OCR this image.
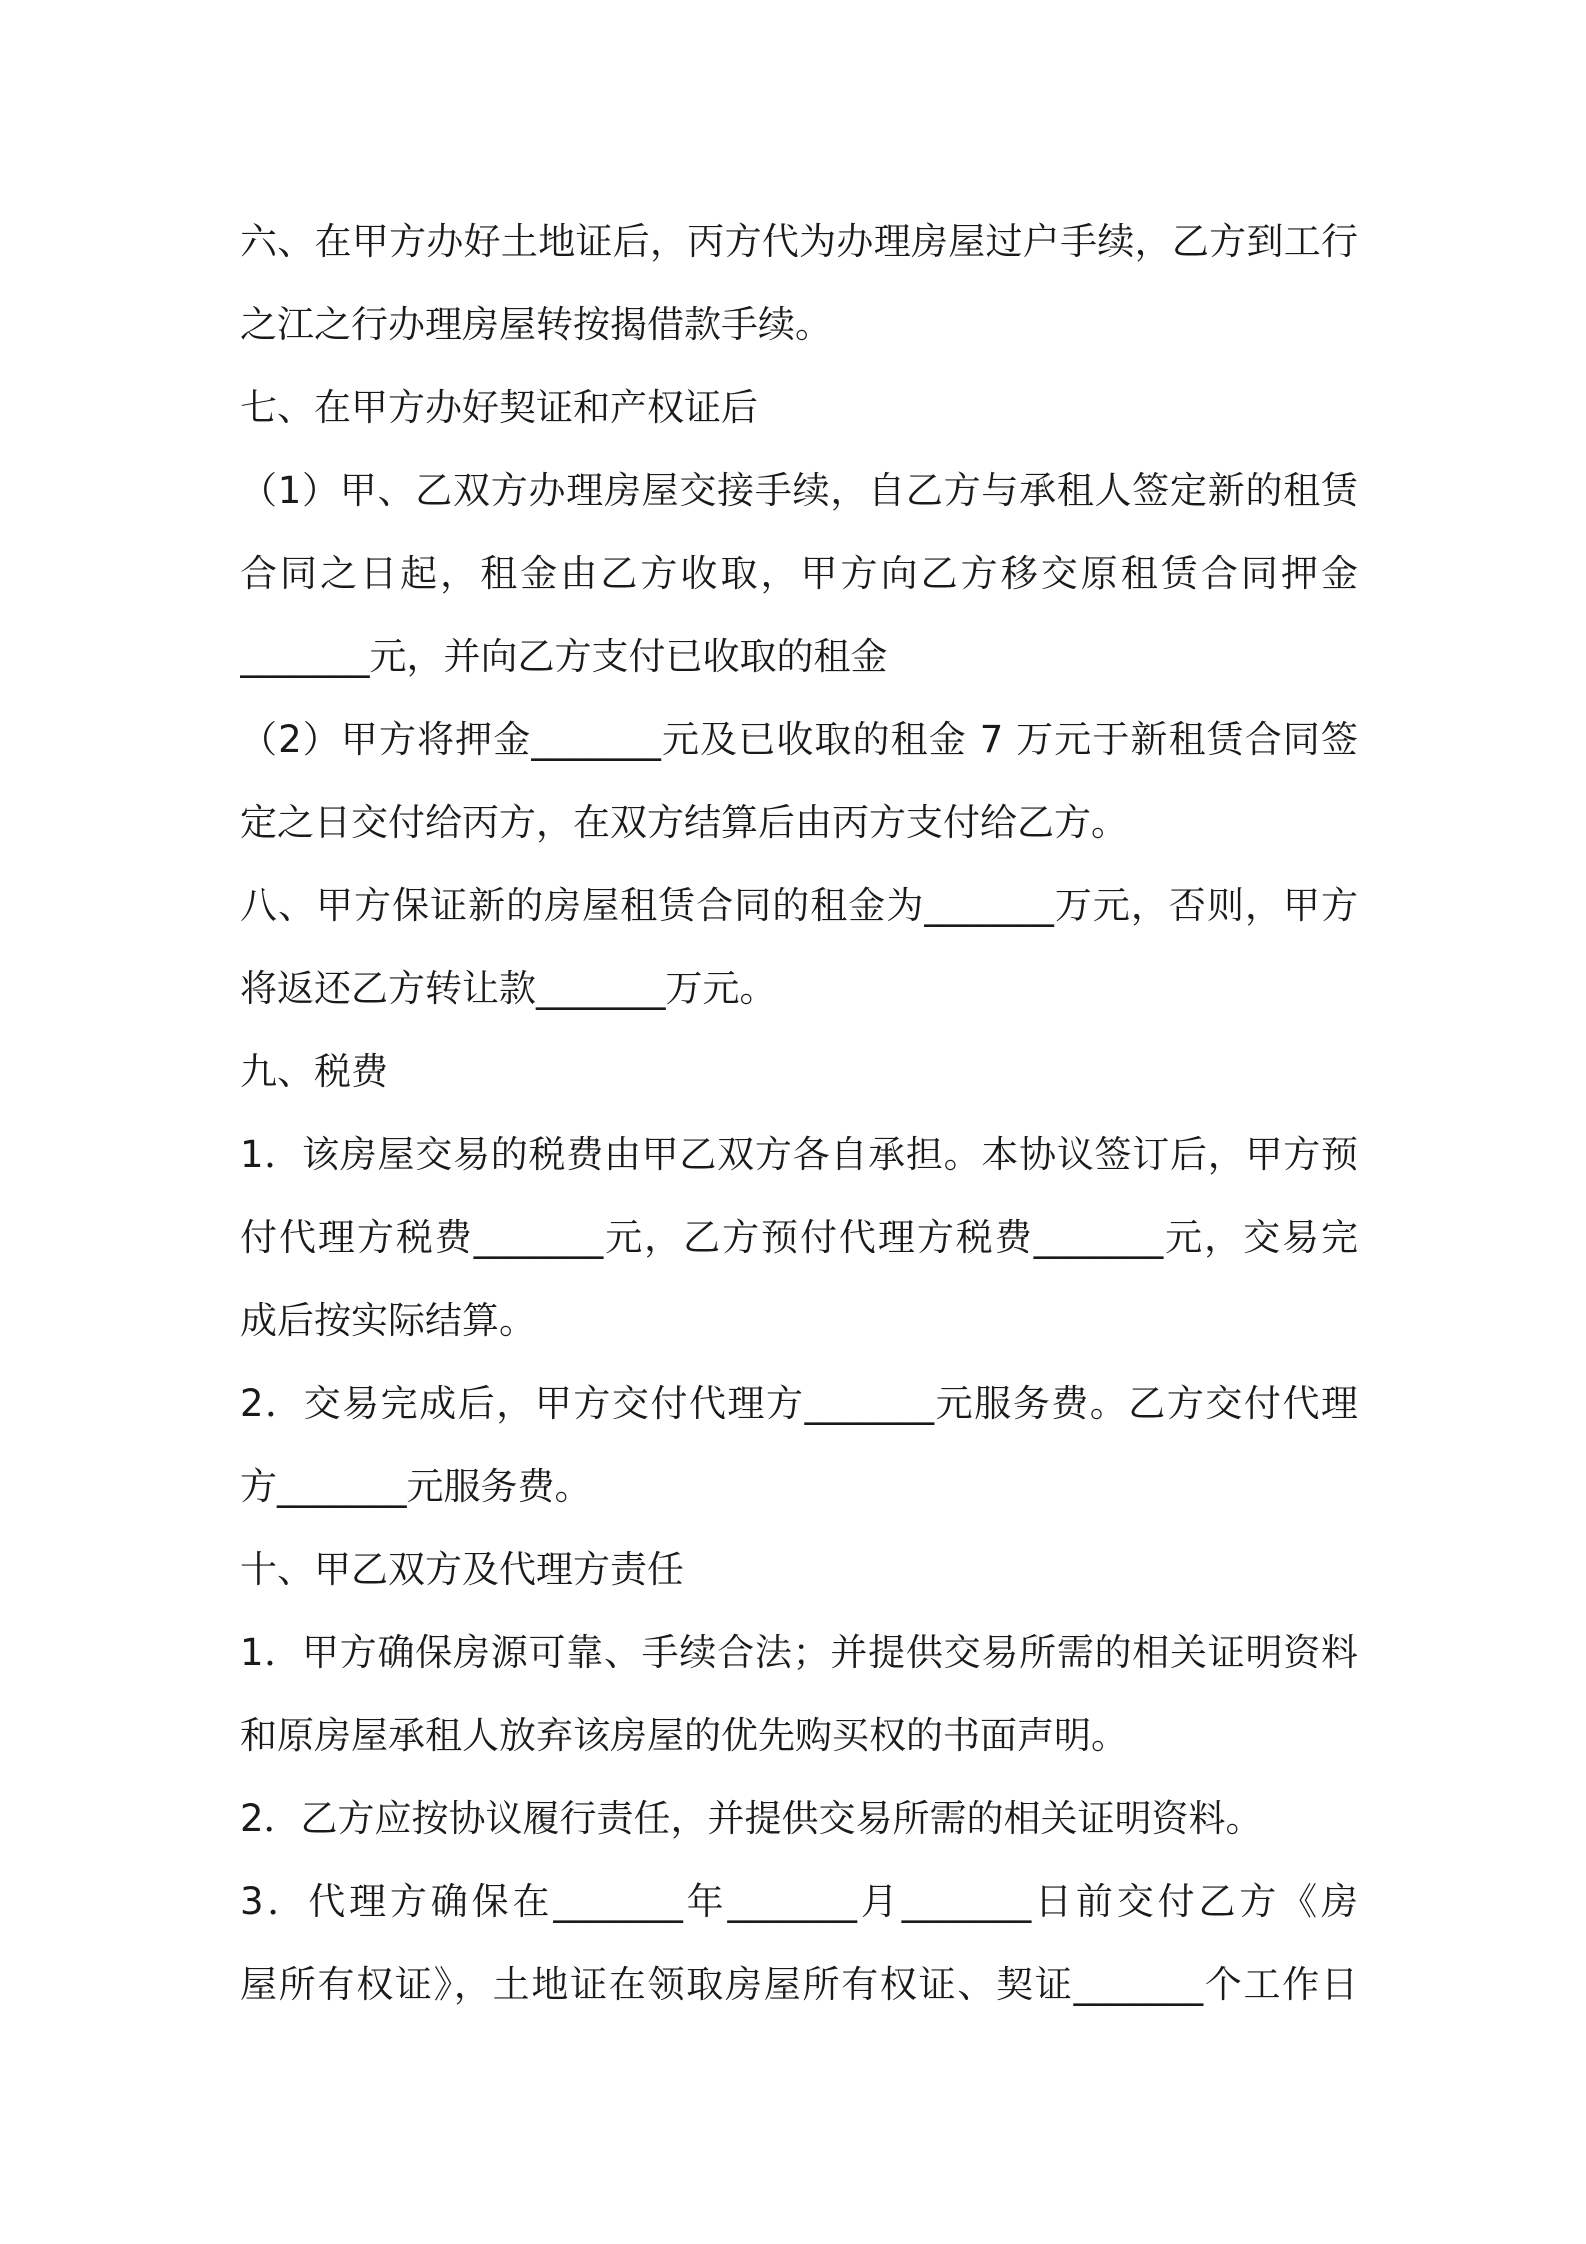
六、在甲方办好土地证后，丙方代为办理房屋过户手续，乙方到工行
之江之行办理房屋转按揭借款手续。
七、在甲方办好契证和产权证后
（1）甲、乙双方办理房屋交接手续，自乙方与承租人签定新的租赁
合同之日起，租金由乙方收取，甲方向乙方移交原租赁合同押金
_______元，并向乙方支付已收取的租金
（2）甲方将押金_______元及已收取的租金 7 万元于新租赁合同签
定之日交付给丙方，在双方结算后由丙方支付给乙方。
八、甲方保证新的房屋租赁合同的租金为_______万元，否则，甲方
将返还乙方转让款_______万元。
九、税费
1．该房屋交易的税费由甲乙双方各自承担。本协议签订后，甲方预
付代理方税费_______元，乙方预付代理方税费_______元，交易完
成后按实际结算。
2．交易完成后，甲方交付代理方_______元服务费。乙方交付代理
方_______元服务费。
十、甲乙双方及代理方责任
1．甲方确保房源可靠、手续合法；并提供交易所需的相关证明资料
和原房屋承租人放弃该房屋的优先购买权的书面声明。
2．乙方应按协议履行责任，并提供交易所需的相关证明资料。
3．代理方确保在_______年_______月_______日前交付乙方《房
屋所有权证》，土地证在领取房屋所有权证、契证_______个工作日
